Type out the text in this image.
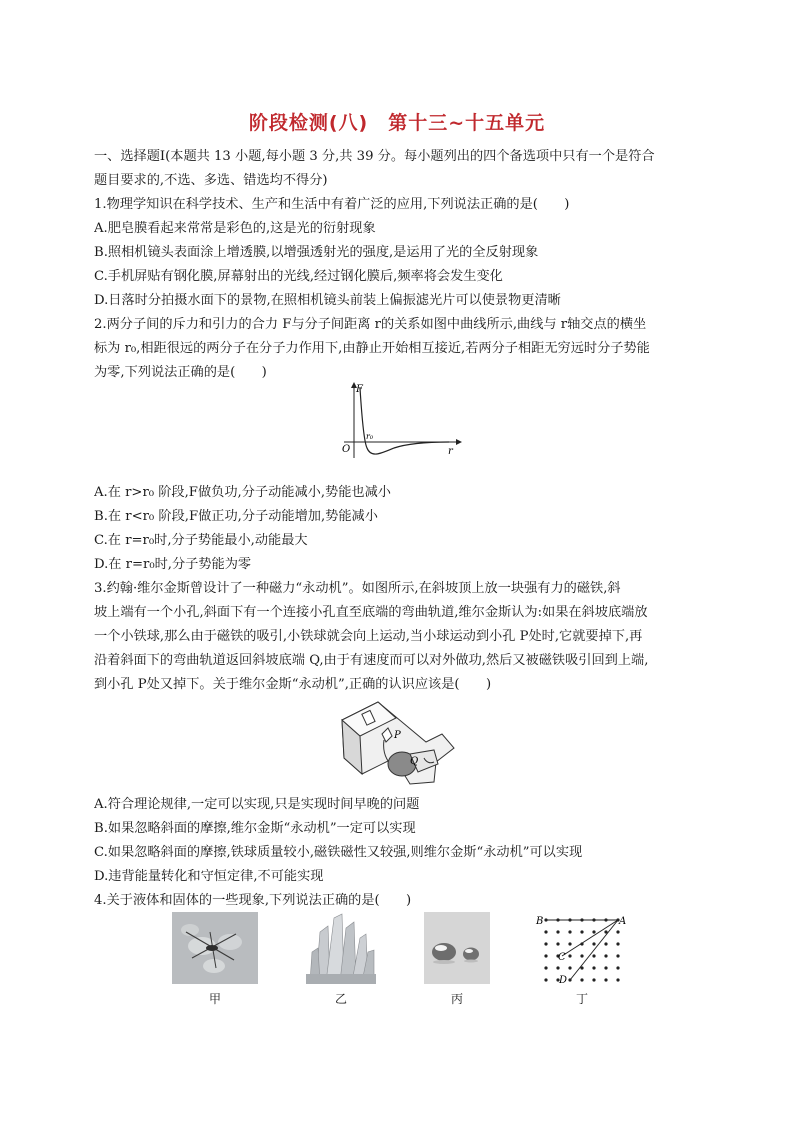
阶段检测(八)　第十三~十五单元
一、选择题Ⅰ(本题共 13 小题,每小题 3 分,共 39 分。每小题列出的四个备选项中只有一个是符合
题目要求的,不选、多选、错选均不得分)
1.物理学知识在科学技术、生产和生活中有着广泛的应用,下列说法正确的是(　　)
A.肥皂膜看起来常常是彩色的,这是光的衍射现象
B.照相机镜头表面涂上增透膜,以增强透射光的强度,是运用了光的全反射现象
C.手机屏贴有钢化膜,屏幕射出的光线,经过钢化膜后,频率将会发生变化
D.日落时分拍摄水面下的景物,在照相机镜头前装上偏振滤光片可以使景物更清晰
2.两分子间的斥力和引力的合力 F与分子间距离 r的关系如图中曲线所示,曲线与 r轴交点的横坐
标为 r₀,相距很远的两分子在分子力作用下,由静止开始相互接近,若两分子相距无穷远时分子势能
为零,下列说法正确的是(　　)
F
r
O
r₀
A.在 r>r₀ 阶段,F做负功,分子动能减小,势能也减小
B.在 r<r₀ 阶段,F做正功,分子动能增加,势能减小
C.在 r=r₀时,分子势能最小,动能最大
D.在 r=r₀时,分子势能为零
3.约翰·维尔金斯曾设计了一种磁力“永动机”。如图所示,在斜坡顶上放一块强有力的磁铁,斜
坡上端有一个小孔,斜面下有一个连接小孔直至底端的弯曲轨道,维尔金斯认为:如果在斜坡底端放
一个小铁球,那么由于磁铁的吸引,小铁球就会向上运动,当小球运动到小孔 P处时,它就要掉下,再
沿着斜面下的弯曲轨道返回斜坡底端 Q,由于有速度而可以对外做功,然后又被磁铁吸引回到上端,
到小孔 P处又掉下。关于维尔金斯“永动机”,正确的认识应该是(　　)
P
Q
A.符合理论规律,一定可以实现,只是实现时间早晚的问题
B.如果忽略斜面的摩擦,维尔金斯“永动机”一定可以实现
C.如果忽略斜面的摩擦,铁球质量较小,磁铁磁性又较强,则维尔金斯“永动机”可以实现
D.违背能量转化和守恒定律,不可能实现
4.关于液体和固体的一些现象,下列说法正确的是(　　)
甲	乙	丙
B	A
C
D
丁
